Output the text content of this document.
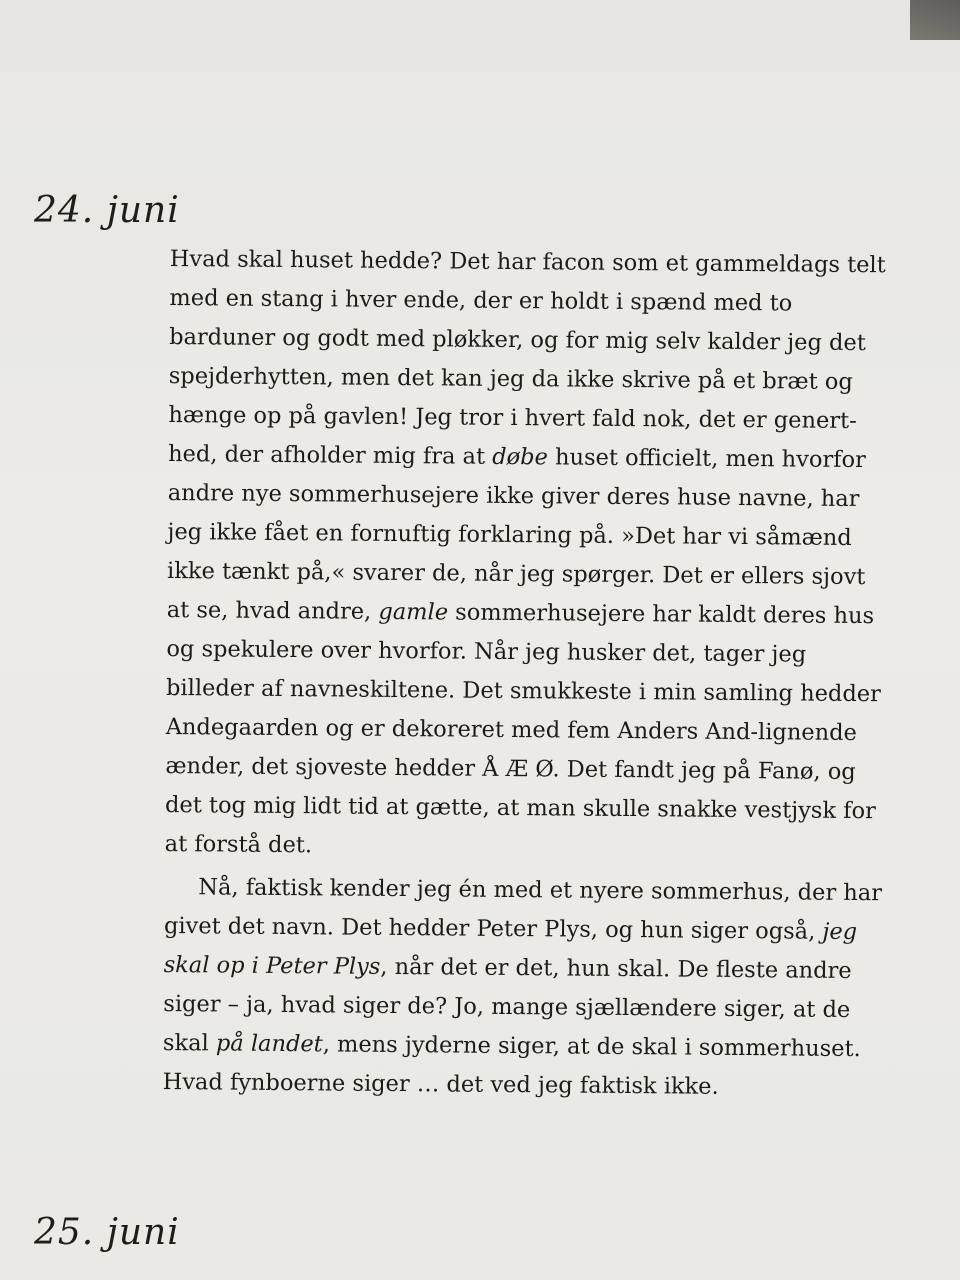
24. juni
Hvad skal huset hedde? Det har facon som et gammeldags telt
med en stang i hver ende, der er holdt i spænd med to
barduner og godt med pløkker, og for mig selv kalder jeg det
spejderhytten, men det kan jeg da ikke skrive på et bræt og
hænge op på gavlen! Jeg tror i hvert fald nok, det er genert-
hed, der afholder mig fra at døbe huset officielt, men hvorfor
andre nye sommerhusejere ikke giver deres huse navne, har
jeg ikke fået en fornuftig forklaring på. »Det har vi såmænd
ikke tænkt på,« svarer de, når jeg spørger. Det er ellers sjovt
at se, hvad andre, gamle sommerhusejere har kaldt deres hus
og spekulere over hvorfor. Når jeg husker det, tager jeg
billeder af navneskiltene. Det smukkeste i min samling hedder
Andegaarden og er dekoreret med fem Anders And-lignende
ænder, det sjoveste hedder Å Æ Ø. Det fandt jeg på Fanø, og
det tog mig lidt tid at gætte, at man skulle snakke vestjysk for
at forstå det.
Nå, faktisk kender jeg én med et nyere sommerhus, der har
givet det navn. Det hedder Peter Plys, og hun siger også, jeg
skal op i Peter Plys, når det er det, hun skal. De fleste andre
siger – ja, hvad siger de? Jo, mange sjællændere siger, at de
skal på landet, mens jyderne siger, at de skal i sommerhuset.
Hvad fynboerne siger … det ved jeg faktisk ikke.
25. juni
